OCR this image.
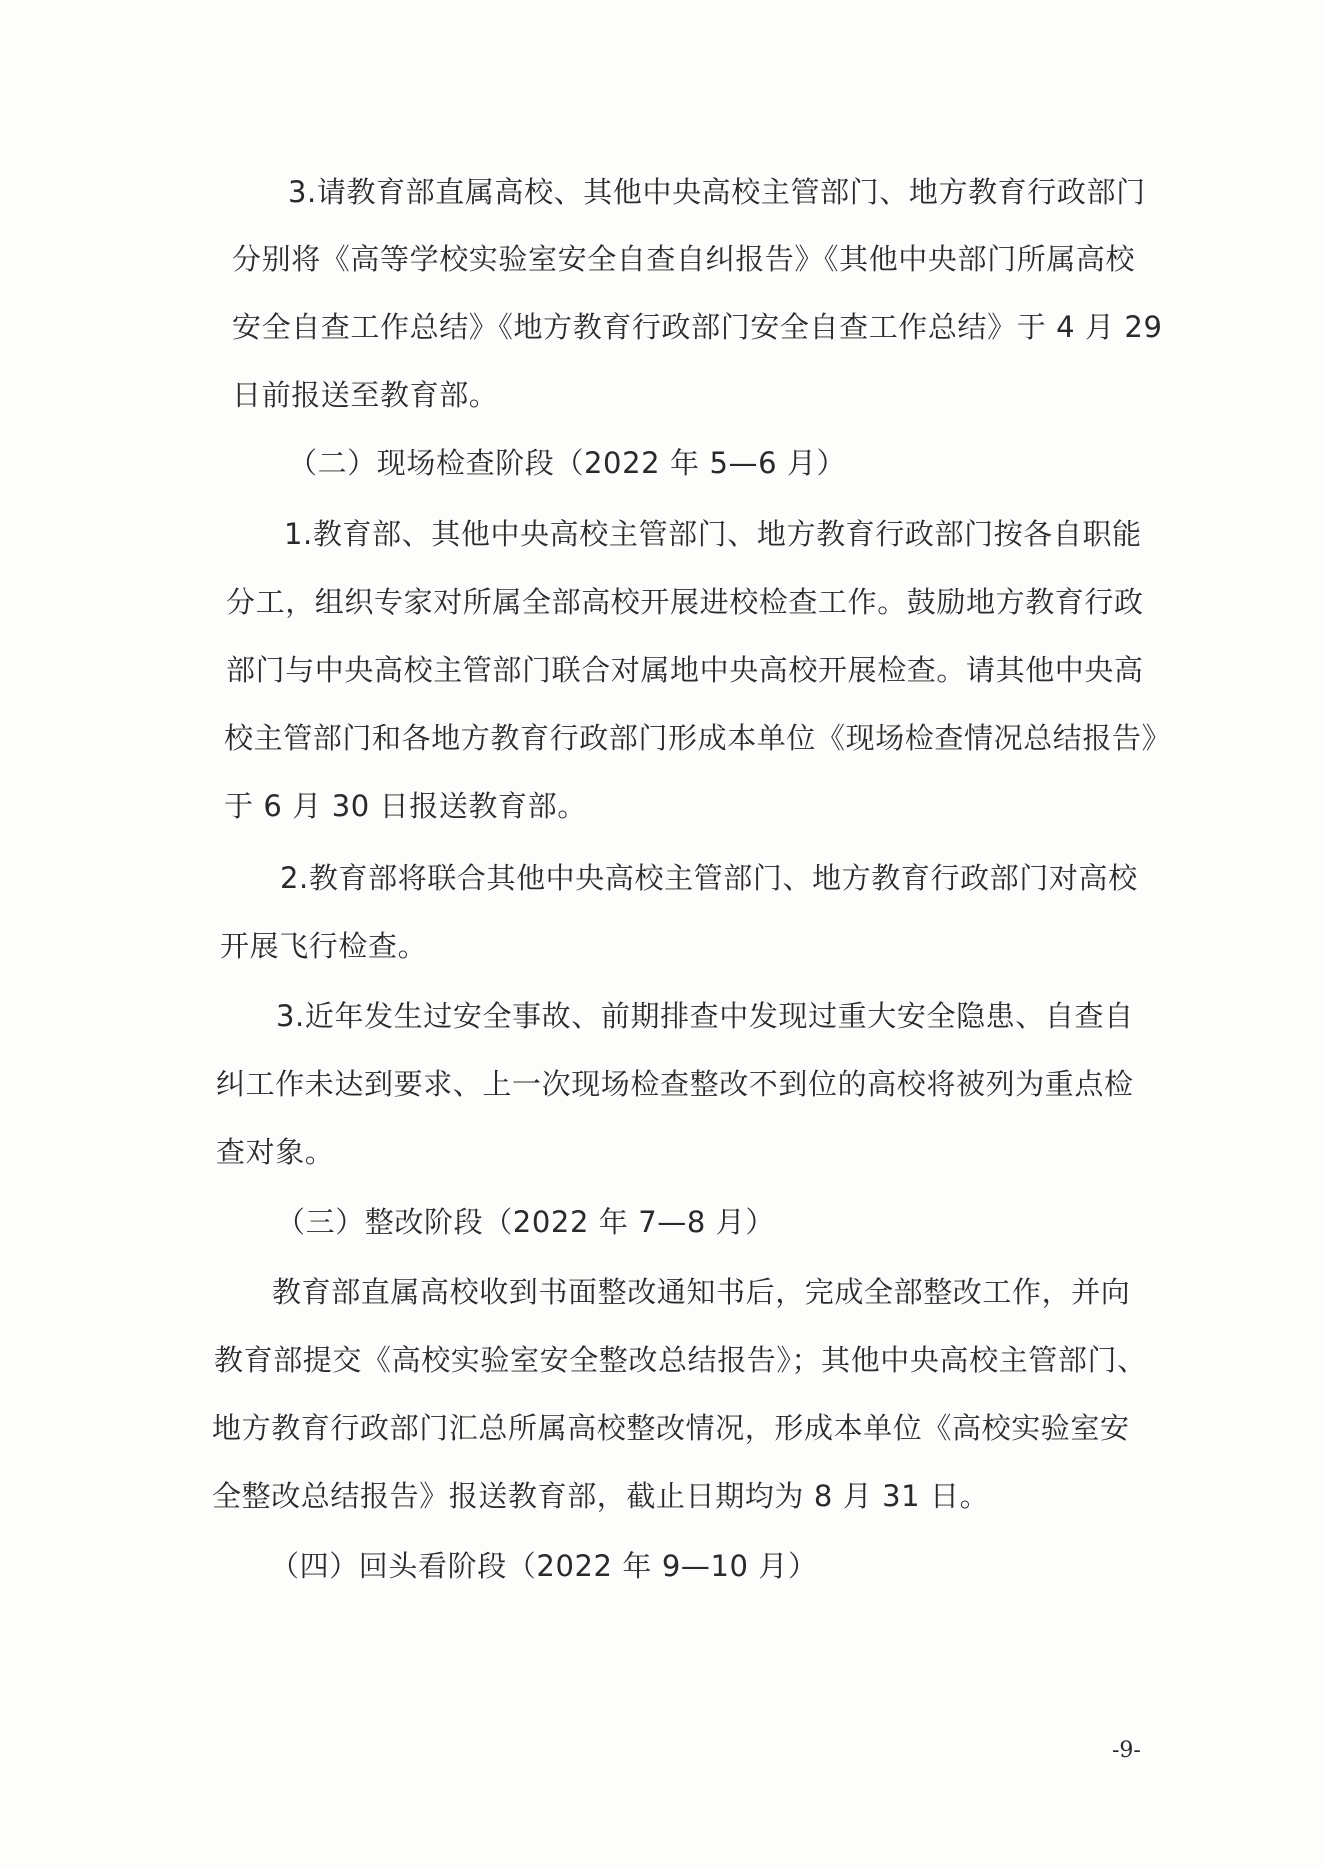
3.请教育部直属高校、其他中央高校主管部门、地方教育行政部门
分别将《高等学校实验室安全自查自纠报告》《其他中央部门所属高校
安全自查工作总结》《地方教育行政部门安全自查工作总结》于 4 月 29
日前报送至教育部。
（二）现场检查阶段（2022 年 5—6 月）
1.教育部、其他中央高校主管部门、地方教育行政部门按各自职能
分工，组织专家对所属全部高校开展进校检查工作。鼓励地方教育行政
部门与中央高校主管部门联合对属地中央高校开展检查。请其他中央高
校主管部门和各地方教育行政部门形成本单位《现场检查情况总结报告》
于 6 月 30 日报送教育部。
2.教育部将联合其他中央高校主管部门、地方教育行政部门对高校
开展飞行检查。
3.近年发生过安全事故、前期排查中发现过重大安全隐患、自查自
纠工作未达到要求、上一次现场检查整改不到位的高校将被列为重点检
查对象。
（三）整改阶段（2022 年 7—8 月）
教育部直属高校收到书面整改通知书后，完成全部整改工作，并向
教育部提交《高校实验室安全整改总结报告》；其他中央高校主管部门、
地方教育行政部门汇总所属高校整改情况，形成本单位《高校实验室安
全整改总结报告》报送教育部，截止日期均为 8 月 31 日。
（四）回头看阶段（2022 年 9—10 月）
-9-
